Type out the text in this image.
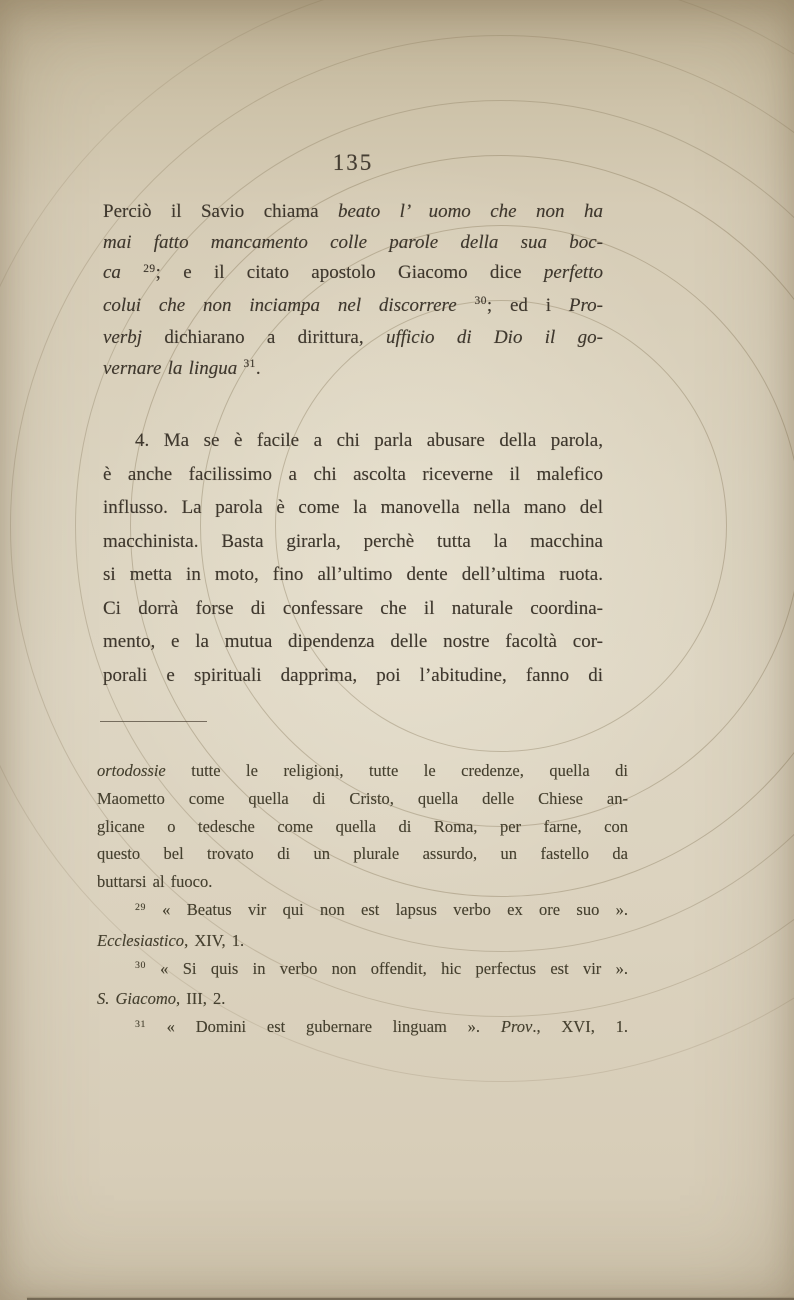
135
Perciò il Savio chiama beato l’ uomo che non ha
mai fatto mancamento colle parole della sua boc-
ca $^{29}$; e il citato apostolo Giacomo dice perfetto
colui che non inciampa nel discorrere $^{30}$; ed i Pro-
verbj dichiarano a dirittura, ufficio di Dio il go-
vernare la lingua $^{31}$.
4. Ma se è facile a chi parla abusare della parola,
è anche facilissimo a chi ascolta riceverne il malefico
influsso. La parola è come la manovella nella mano del
macchinista. Basta girarla, perchè tutta la macchina
si metta in moto, fino all’ultimo dente dell’ultima ruota.
Ci dorrà forse di confessare che il naturale coordina-
mento, e la mutua dipendenza delle nostre facoltà cor-
porali e spirituali dapprima, poi l’abitudine, fanno di
ortodossie tutte le religioni, tutte le credenze, quella di
Maometto come quella di Cristo, quella delle Chiese an-
glicane o tedesche come quella di Roma, per farne, con
questo bel trovato di un plurale assurdo, un fastello da
buttarsi al fuoco.
$^{29}$ « Beatus vir qui non est lapsus verbo ex ore suo ».
Ecclesiastico, XIV, 1.
$^{30}$ « Si quis in verbo non offendit, hic perfectus est vir ».
S. Giacomo, III, 2.
$^{31}$ « Domini est gubernare linguam ». Prov., XVI, 1.
